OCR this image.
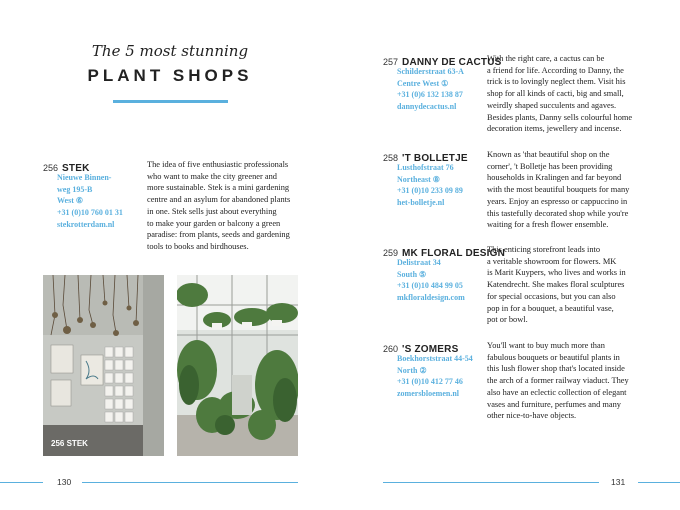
The 5 most stunning
PLANT SHOPS
256 STEK
Nieuwe Binnen-
weg 195-B
West ⑥
+31 (0)10 760 01 31
stekrotterdam.nl
The idea of five enthusiastic professionals
who want to make the city greener and
more sustainable. Stek is a mini gardening
centre and an asylum for abandoned plants
in one. Stek sells just about everything
to make your garden or balcony a green
paradise: from plants, seeds and gardening
tools to books and birdhouses.
256 STEK
130
257 DANNY DE CACTUS
Schilderstraat 63-A
Centre West ①
+31 (0)6 132 138 87
dannydecactus.nl
With the right care, a cactus can be
a friend for life. According to Danny, the
trick is to lovingly neglect them. Visit his
shop for all kinds of cacti, big and small,
weirdly shaped succulents and agaves.
Besides plants, Danny sells colourful home
decoration items, jewellery and incense.
258 'T BOLLETJE
Lusthofstraat 76
Northeast ⑧
+31 (0)10 233 09 89
het-bolletje.nl
Known as 'that beautiful shop on the
corner', 't Bolletje has been providing
households in Kralingen and far beyond
with the most beautiful bouquets for many
years. Enjoy an espresso or cappuccino in
this tastefully decorated shop while you're
waiting for a fresh flower ensemble.
259 MK FLORAL DESIGN
Delistraat 34
South ⑤
+31 (0)10 484 99 05
mkfloraldesign.com
This enticing storefront leads into
a veritable showroom for flowers. MK
is Marit Kuypers, who lives and works in
Katendrecht. She makes floral sculptures
for special occasions, but you can also
pop in for a bouquet, a beautiful vase,
pot or bowl.
260 'S ZOMERS
Boekhorststraat 44-54
North ②
+31 (0)10 412 77 46
zomersbloemen.nl
You'll want to buy much more than
fabulous bouquets or beautiful plants in
this lush flower shop that's located inside
the arch of a former railway viaduct. They
also have an eclectic collection of elegant
vases and furniture, perfumes and many
other nice-to-have objects.
131
